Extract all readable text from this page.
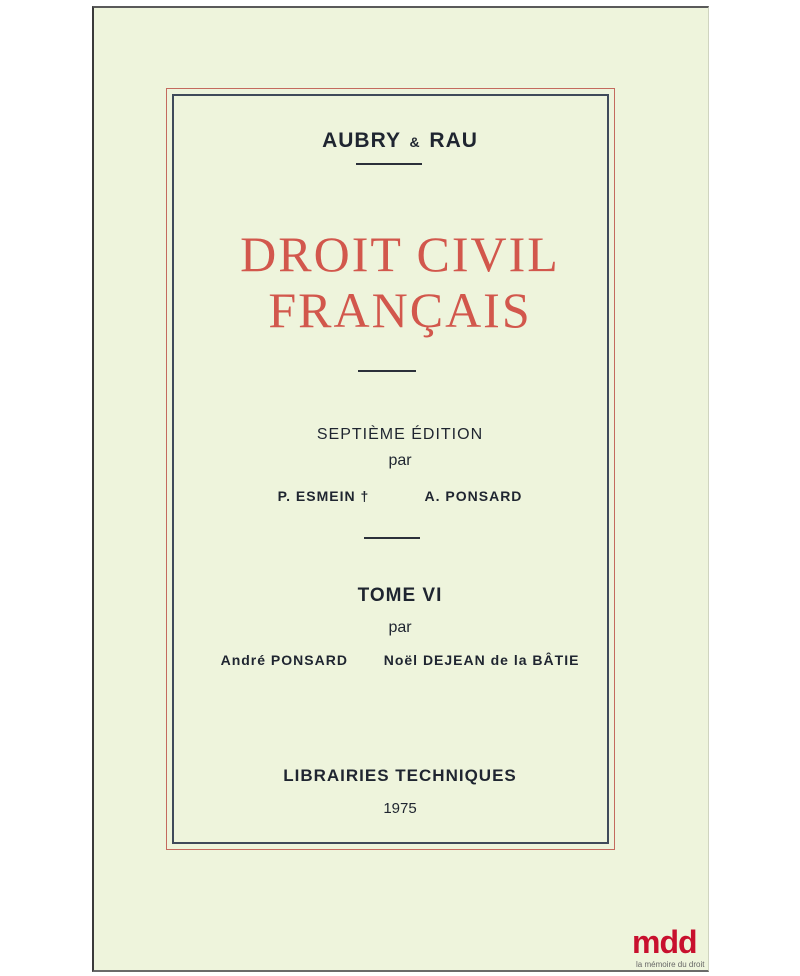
AUBRY & RAU
DROIT CIVIL
FRANÇAIS
SEPTIÈME ÉDITION
par
P. ESMEIN †	A. PONSARD
TOME VI
par
André PONSARD	Noël DEJEAN de la BÂTIE
LIBRAIRIES TECHNIQUES
1975
mdd
la mémoire du droit
